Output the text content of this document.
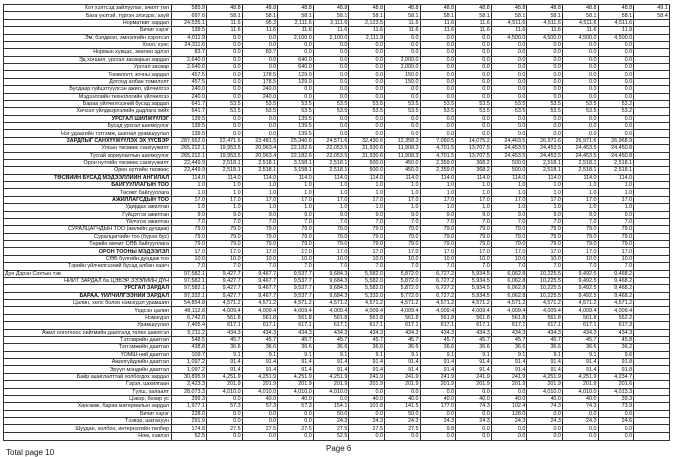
Хот хэлтсэд зайлуулах, ачилт төл	585.9	48.8	48.8	48.8	48.8	48.8	48.8	48.8	48.8	48.8	48.8	48.8	48.8	49.1
Бага үнэтэй, түргэн элэгдэх, ахуй	697.6	58.1	58.1	58.1	58.1	58.1	58.1	58.1	58.1	58.1	58.1	58.1	58.1	58.4
Нормативт зардал	24,535.1	11.6	95.3	2,111.6	2,111.6	2,123.5	11.6	11.6	11.6	4,511.6	4,511.6	4,511.6	4,511.6	
Бичиг хэрэг	139.5	11.6	11.6	11.6	11.6	11.6	11.6	11.6	11.6	11.6	11.6	11.6	11.9	
Эм, бэлдмэл, эмнэлгийн хэрэгсэл	4,011.9	0.0	0.0	2,100.0	2,100.0	2,111.9	0.0	0.0	0.0	4,500.0	4,500.0	4,500.0	4,500.0	
Хоол, хүнс	24,311.6	0.0	0.0	0.0	0.0	0.0	0.0	0.0	0.0	0.0	0.0	0.0	0.0	
Нормын хувцас, зөөлөн эдлэл	83.7	0.0	83.7	0.0	0.0	0.0	0.0	0.0	0.0	0.0	0.0	0.0	0.0	
Эд хогшил, урсгал засварын зардал	2,640.0	0.0	0.0	640.0	0.0	0.0	2,000.0	0.0	0.0	0.0	0.0	0.0	0.0	
Урсгал засвар	2,640.0	0.0	0.0	640.0	0.0	0.0	2,000.0	0.0	0.0	0.0	0.0	0.0	0.0	
Томилолт, зочны зардал	457.5	0.0	178.5	129.0	0.0	0.0	150.0	0.0	0.0	0.0	0.0	0.0	0.0	
Дотоод албан томилолт	457.5	0.0	178.5	129.0	0.0	0.0	150.0	0.0	0.0	0.0	0.0	0.0	0.0	
Бусдаар гүйцэтгүүлсэн ажил, үйлчилгээ	240.0	0.0	240.0	0.0	0.0	0.0	0.0	0.0	0.0	0.0	0.0	0.0	0.0	
Мэдээллийн технологийн үйлчилгээ	240.0	0.0	240.0	0.0	0.0	0.0	0.0	0.0	0.0	0.0	0.0	0.0	0.0	
Бараа үйлчилгээний бусад зардал	641.7	53.5	53.5	53.5	53.5	53.5	53.5	53.5	53.5	53.5	53.5	53.5	53.2	
Хичээл үйлдвэрлэлийн дадлага хийх	641.7	53.5	53.5	53.5	53.5	53.5	53.5	53.5	53.5	53.5	53.5	53.5	53.2	
УРСГАЛ ШИЛЖҮҮЛЭГ	139.5	0.0	0.0	139.5	0.0	0.0	0.0	0.0	0.0	0.0	0.0	0.0	0.0	
Бусад урсгал шилжүүлэг	139.5	0.0	0.0	139.5	0.0	0.0	0.0	0.0	0.0	0.0	0.0	0.0	0.0	
Нэг удаагийн тэтгэмж, шагнал урамшуулал	139.5	0.0	0.0	139.5	0.0	0.0	0.0	0.0	0.0	0.0	0.0	0.0	0.0	
ЗАРДЛЫГ САНХҮҮЖҮҮЛЭХ ЭХ ҮҮСВЭР	287,662.0	22,471.6	23,481.5	25,340.6	24,571.6	32,430.6	12,358.3	7,060.5	14,075.2	24,463.5	26,971.6	26,971.6	26,968.9	
Улсын төсвөөс санхүүжилт	265,212.1	19,953.5	20,963.4	22,182.6	22,053.5	31,930.6	11,908.3	4,701.5	13,707.5	24,453.5	24,453.5	24,453.5	24,450.8	
Тусгай зориулалтын шилжүүлэг	265,212.1	19,953.5	20,963.4	22,182.6	22,053.5	31,930.6	11,908.3	4,701.5	13,707.5	24,453.5	24,453.5	24,453.5	24,450.8	
Орон нутгийн төсвөөс санхүүжилт	22,449.9	2,518.1	2,518.1	3,158.1	2,518.1	500.0	450.0	2,359.0	368.2	500.0	2,518.1	2,518.1	2,518.1	
Орон нутгийн төсвөөс	22,449.9	2,518.1	2,518.1	3,158.1	2,518.1	500.0	450.0	2,359.0	368.2	500.0	2,518.1	2,518.1	2,518.1	
ТӨСВИЙН БҮСАД МЭДЭЭЛЛИЙН АНГИЛАЛ	114.0	114.0	114.0	114.0	114.0	114.0	114.0	114.0	114.0	114.0	114.0	114.0	114.0	
БАЙГУУЛЛАГЫН ТОО	1.0	1.0	1.0	1.0	1.0	1.0	1.0	1.0	1.0	1.0	1.0	1.0	1.0	
Төсөвт байгууллага	1.0	1.0	1.0	1.0	1.0	1.0	1.0	1.0	1.0	1.0	1.0	1.0	1.0	
АЖИЛЛАГСДЫН ТОО	17.0	17.0	17.0	17.0	17.0	17.0	17.0	17.0	17.0	17.0	17.0	17.0	17.0	
Удирдах ажилтан	1.0	1.0	1.0	1.0	1.0	1.0	1.0	1.0	1.0	1.0	1.0	1.0	1.0	
Гүйцэтгэх ажилтан	9.0	9.0	9.0	9.0	9.0	9.0	9.0	9.0	9.0	9.0	9.0	9.0	9.0	
Үйлчлэх ажилтан	7.0	7.0	7.0	7.0	7.0	7.0	7.0	7.0	7.0	7.0	7.0	7.0	7.0	
СУРАЛЦАГЧДЫН ТОО (жилийн дундаж)	79.0	79.0	79.0	79.0	79.0	79.0	79.0	79.0	79.0	79.0	79.0	79.0	79.0	
Суралцагчийн тоо (бүрэн бус)	79.0	79.0	79.0	79.0	79.0	79.0	79.0	79.0	79.0	79.0	79.0	79.0	79.0	
Төрийн өмчит СӨБ байгууллага	79.0	79.0	79.0	79.0	79.0	79.0	79.0	79.0	79.0	79.0	79.0	79.0	79.0	
ОРОН ТООНЫ МЭДЭЭЛЭЛ	17.0	17.0	17.0	17.0	17.0	17.0	17.0	17.0	17.0	17.0	17.0	17.0	17.0	
СӨБ бүлгийн дундаж тоо	10.0	10.0	10.0	10.0	10.0	10.0	10.0	10.0	10.0	10.0	10.0	10.0	10.0	
Тэрийн үйлчилгээний бусад албан хаагч	7.0	7.0	7.0	7.0	7.0	7.0	7.0	7.0	7.0	7.0	7.0	7.0	7.0	
Дүн Дэрэн Сохтын тэв	97,582.1	9,427.7	9,467.7	9,537.7	9,684.3	5,582.0	5,872.0	6,727.2	5,934.5	6,062.8	10,225.5	9,492.5	9,468.2	
НИЙТ ЗАРДАЛ ба ЦЭВЭР ЗЭЭЛИЙН ДҮН	97,582.1	9,427.7	9,467.7	9,537.7	9,684.3	5,582.0	5,872.0	6,727.2	5,934.5	6,062.8	10,225.5	9,492.5	9,468.2	
УРСГАЛ ЗАРДАЛ	97,582.1	9,427.7	9,467.7	9,537.7	9,684.3	5,582.0	5,872.0	6,727.2	5,934.5	6,062.8	10,225.5	9,492.5	9,468.2	
БАРАА, ҮЙЛЧИЛГЭЭНИЙ ЗАРДАЛ	97,332.1	9,427.7	9,467.7	9,537.7	9,684.3	5,332.0	5,772.0	6,727.2	5,934.5	6,062.8	10,225.5	9,492.5	9,468.2	
Цалин, хөлс болон нэмэгдэл урамшил	54,854.8	4,571.2	4,571.2	4,571.2	4,571.2	4,571.2	4,571.2	4,571.2	4,571.2	4,571.2	4,571.2	4,571.2	4,571.2	
Үндсэн цалин	48,112.8	4,009.4	4,009.4	4,009.4	4,009.4	4,009.4	4,009.4	4,009.4	4,009.4	4,009.4	4,009.4	4,009.4	4,009.4	
Нэмэгдэл	6,742.0	561.8	561.8	561.8	561.8	561.8	561.8	561.8	561.8	561.8	561.8	561.8	562.2	
Урамшуулал	7,405.4	617.1	617.1	617.1	617.1	617.1	617.1	617.1	617.1	617.1	617.1	617.1	617.3	
Ажил олгогчоос нийгмийн даатгалд төлөх шимтгэл	5,211.2	434.3	434.3	434.3	434.3	434.3	434.3	434.3	434.3	434.3	434.3	434.3	434.3	
Тэтгэврийн даатгал	548.5	45.7	45.7	45.7	45.7	45.7	45.7	45.7	45.7	45.7	45.7	45.7	45.8	
Тэтгэмжийн даатгал	438.8	36.6	36.6	36.6	36.6	36.6	36.6	36.6	36.6	36.6	36.6	36.6	36.2	
ҮОМШ-ний даатгал	109.7	9.1	9.1	9.1	9.1	9.1	9.1	9.1	9.1	9.1	9.1	9.1	9.6	
Ажилгүйдлийн даатгал	1,097.2	91.4	91.4	91.4	91.4	91.4	91.4	91.4	91.4	91.4	91.4	91.4	91.8	
Эрүүл мэндийн даатгал	1,097.2	91.4	91.4	91.4	91.4	91.4	91.4	91.4	91.4	91.4	91.4	91.4	91.8	
Байр ашиглалттай холбогдох зардал	30,895.9	4,251.9	4,251.9	4,251.9	4,251.9	241.9	241.9	241.9	241.9	241.9	4,251.9	4,251.9	4,234.7	
Гэрэл, цахилгаан	2,423.3	201.9	201.9	201.9	201.9	201.9	201.9	201.9	201.9	201.9	201.9	201.9	201.6	
Түлш, халаалт	28,073.3	4,010.0	4,010.0	4,010.0	4,010.0	0.0	0.0	0.0	0.0	0.0	4,010.0	4,010.0	4,013.3	
Цэвэр, бохир ус	399.3	0.0	40.0	40.0	0.0	40.0	40.0	40.0	40.0	40.0	40.0	40.0	39.3	
Хангамж, бараа материалын зардал	1,977.1	57.3	57.3	57.3	154.1	101.8	141.5	177.0	74.3	102.4	74.3	74.3	73.9	
Бичиг хэрэг	228.0	0.0	0.0	0.0	50.0	0.0	50.0	0.0	0.0	128.0	0.0	0.0	0.0	
Тээвэр, шатахуун	291.9	0.0	0.0	0.0	24.3	24.3	24.3	24.3	24.3	24.3	24.3	24.3	24.6	
Шуудан, холбоо, интернэтийн төлбөр	174.8	27.5	27.5	27.5	27.5	27.5	27.5	9.8	0.0	0.0	0.0	0.0	0.0	
Ном, хэвлэл	52.5	0.0	0.0	0.0	52.5	0.0	0.0	0.0	0.0	0.0	0.0	0.0	0.0	
Total page 10	Page 6
